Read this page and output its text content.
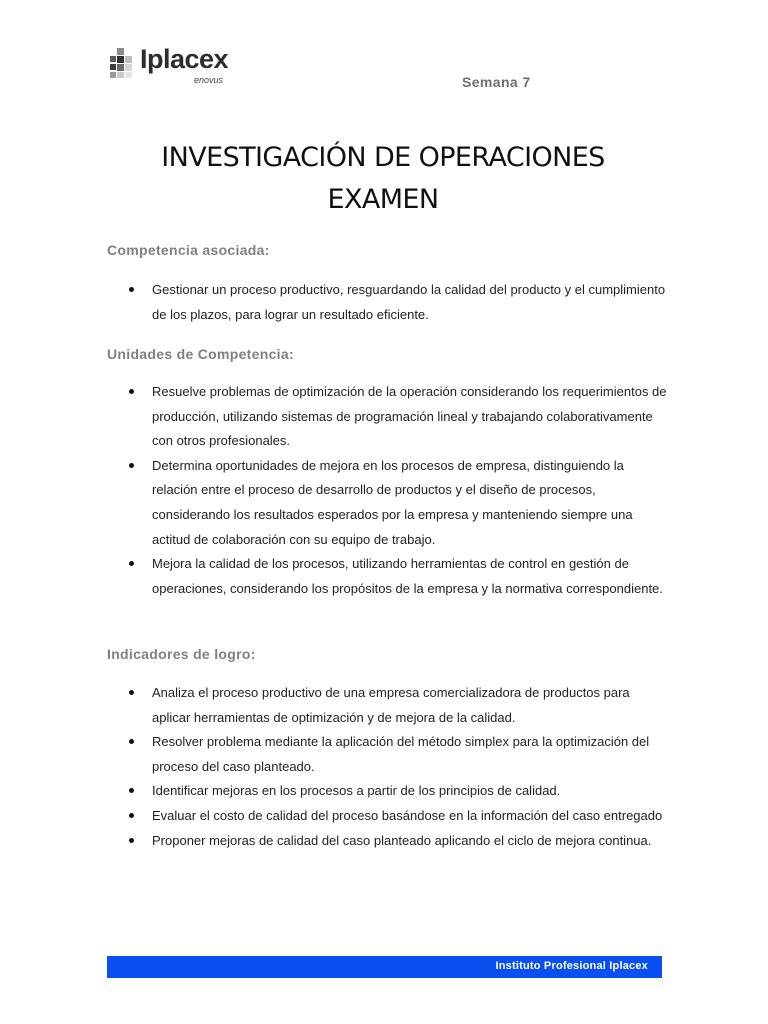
Iplacex
enovus	Semana 7
INVESTIGACIÓN DE OPERACIONES
EXAMEN
Competencia asociada:
Gestionar un proceso productivo, resguardando la calidad del producto y el cumplimiento de los plazos, para lograr un resultado eficiente.
Unidades de Competencia:
Resuelve problemas de optimización de la operación considerando los requerimientos de producción, utilizando sistemas de programación lineal y trabajando colaborativamente con otros profesionales.
Determina oportunidades de mejora en los procesos de empresa, distinguiendo la relación entre el proceso de desarrollo de productos y el diseño de procesos, considerando los resultados esperados por la empresa y manteniendo siempre una actitud de colaboración con su equipo de trabajo.
Mejora la calidad de los procesos, utilizando herramientas de control en gestión de operaciones, considerando los propósitos de la empresa y la normativa correspondiente.
Indicadores de logro:
Analiza el proceso productivo de una empresa comercializadora de productos para aplicar herramientas de optimización y de mejora de la calidad.
Resolver problema mediante la aplicación del método simplex para la optimización del proceso del caso planteado.
Identificar mejoras en los procesos a partir de los principios de calidad.
Evaluar el costo de calidad del proceso basándose en la información del caso entregado
Proponer mejoras de calidad del caso planteado aplicando el ciclo de mejora continua.
Instituto Profesional Iplacex
